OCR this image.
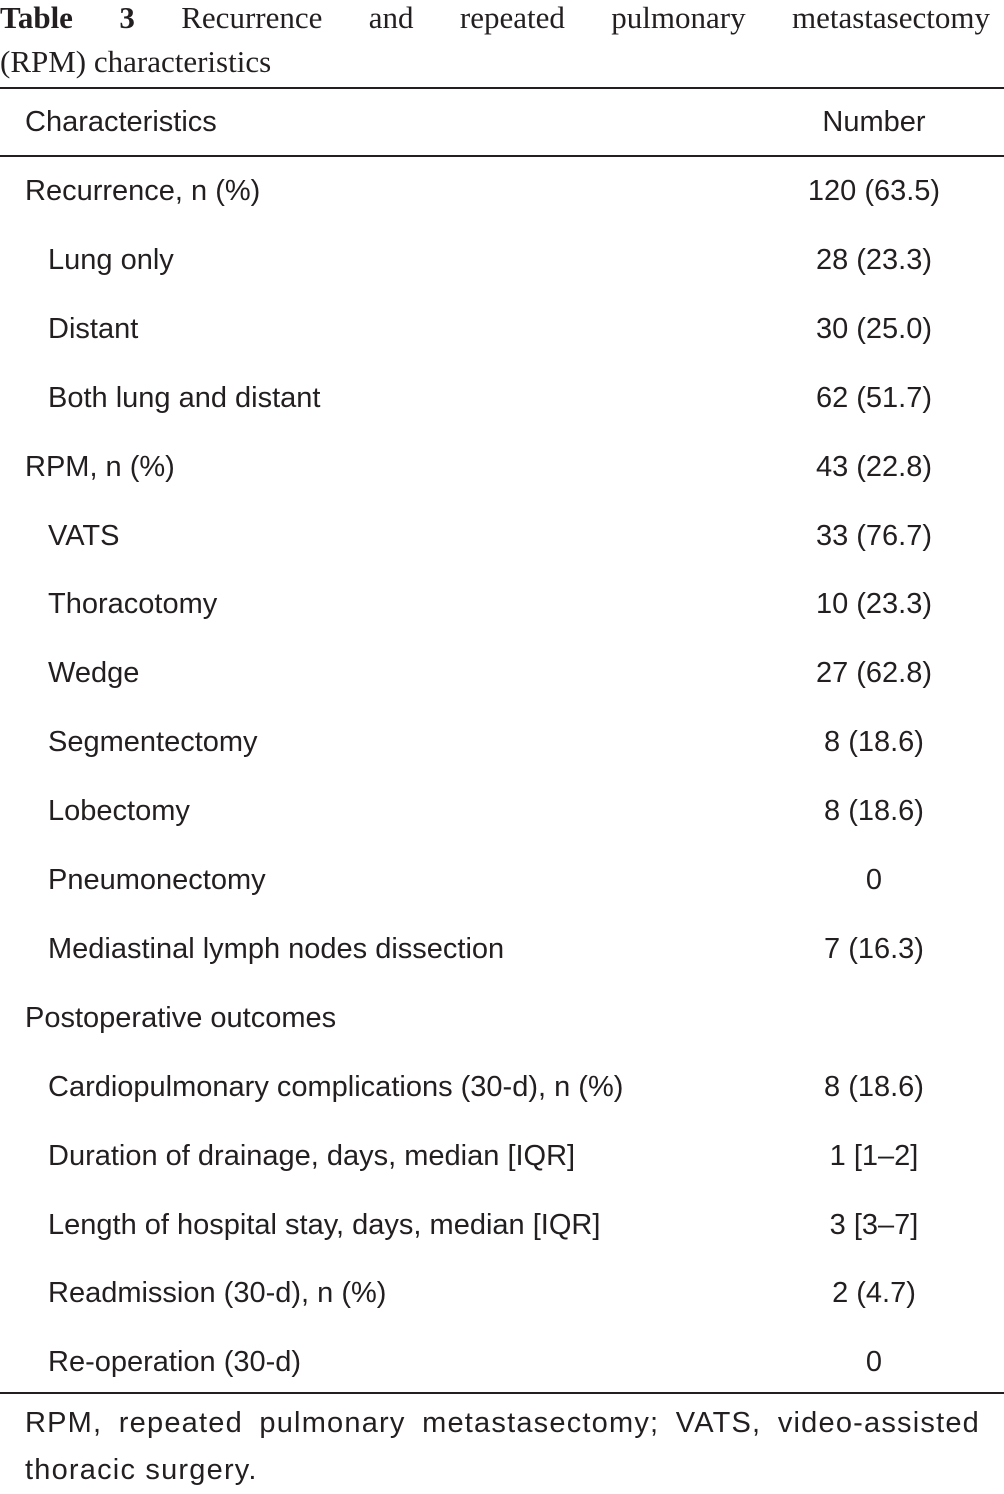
Table 3 Recurrence and repeated pulmonary metastasectomy
(RPM) characteristics
Characteristics	Number
Recurrence, n (%)	120 (63.5)
Lung only	28 (23.3)
Distant	30 (25.0)
Both lung and distant	62 (51.7)
RPM, n (%)	43 (22.8)
VATS	33 (76.7)
Thoracotomy	10 (23.3)
Wedge	27 (62.8)
Segmentectomy	8 (18.6)
Lobectomy	8 (18.6)
Pneumonectomy	0
Mediastinal lymph nodes dissection	7 (16.3)
Postoperative outcomes
Cardiopulmonary complications (30-d), n (%)	8 (18.6)
Duration of drainage, days, median [IQR]	1 [1–2]
Length of hospital stay, days, median [IQR]	3 [3–7]
Readmission (30-d), n (%)	2 (4.7)
Re-operation (30-d)	0
RPM, repeated pulmonary metastasectomy; VATS, video-assisted thoracic surgery.
